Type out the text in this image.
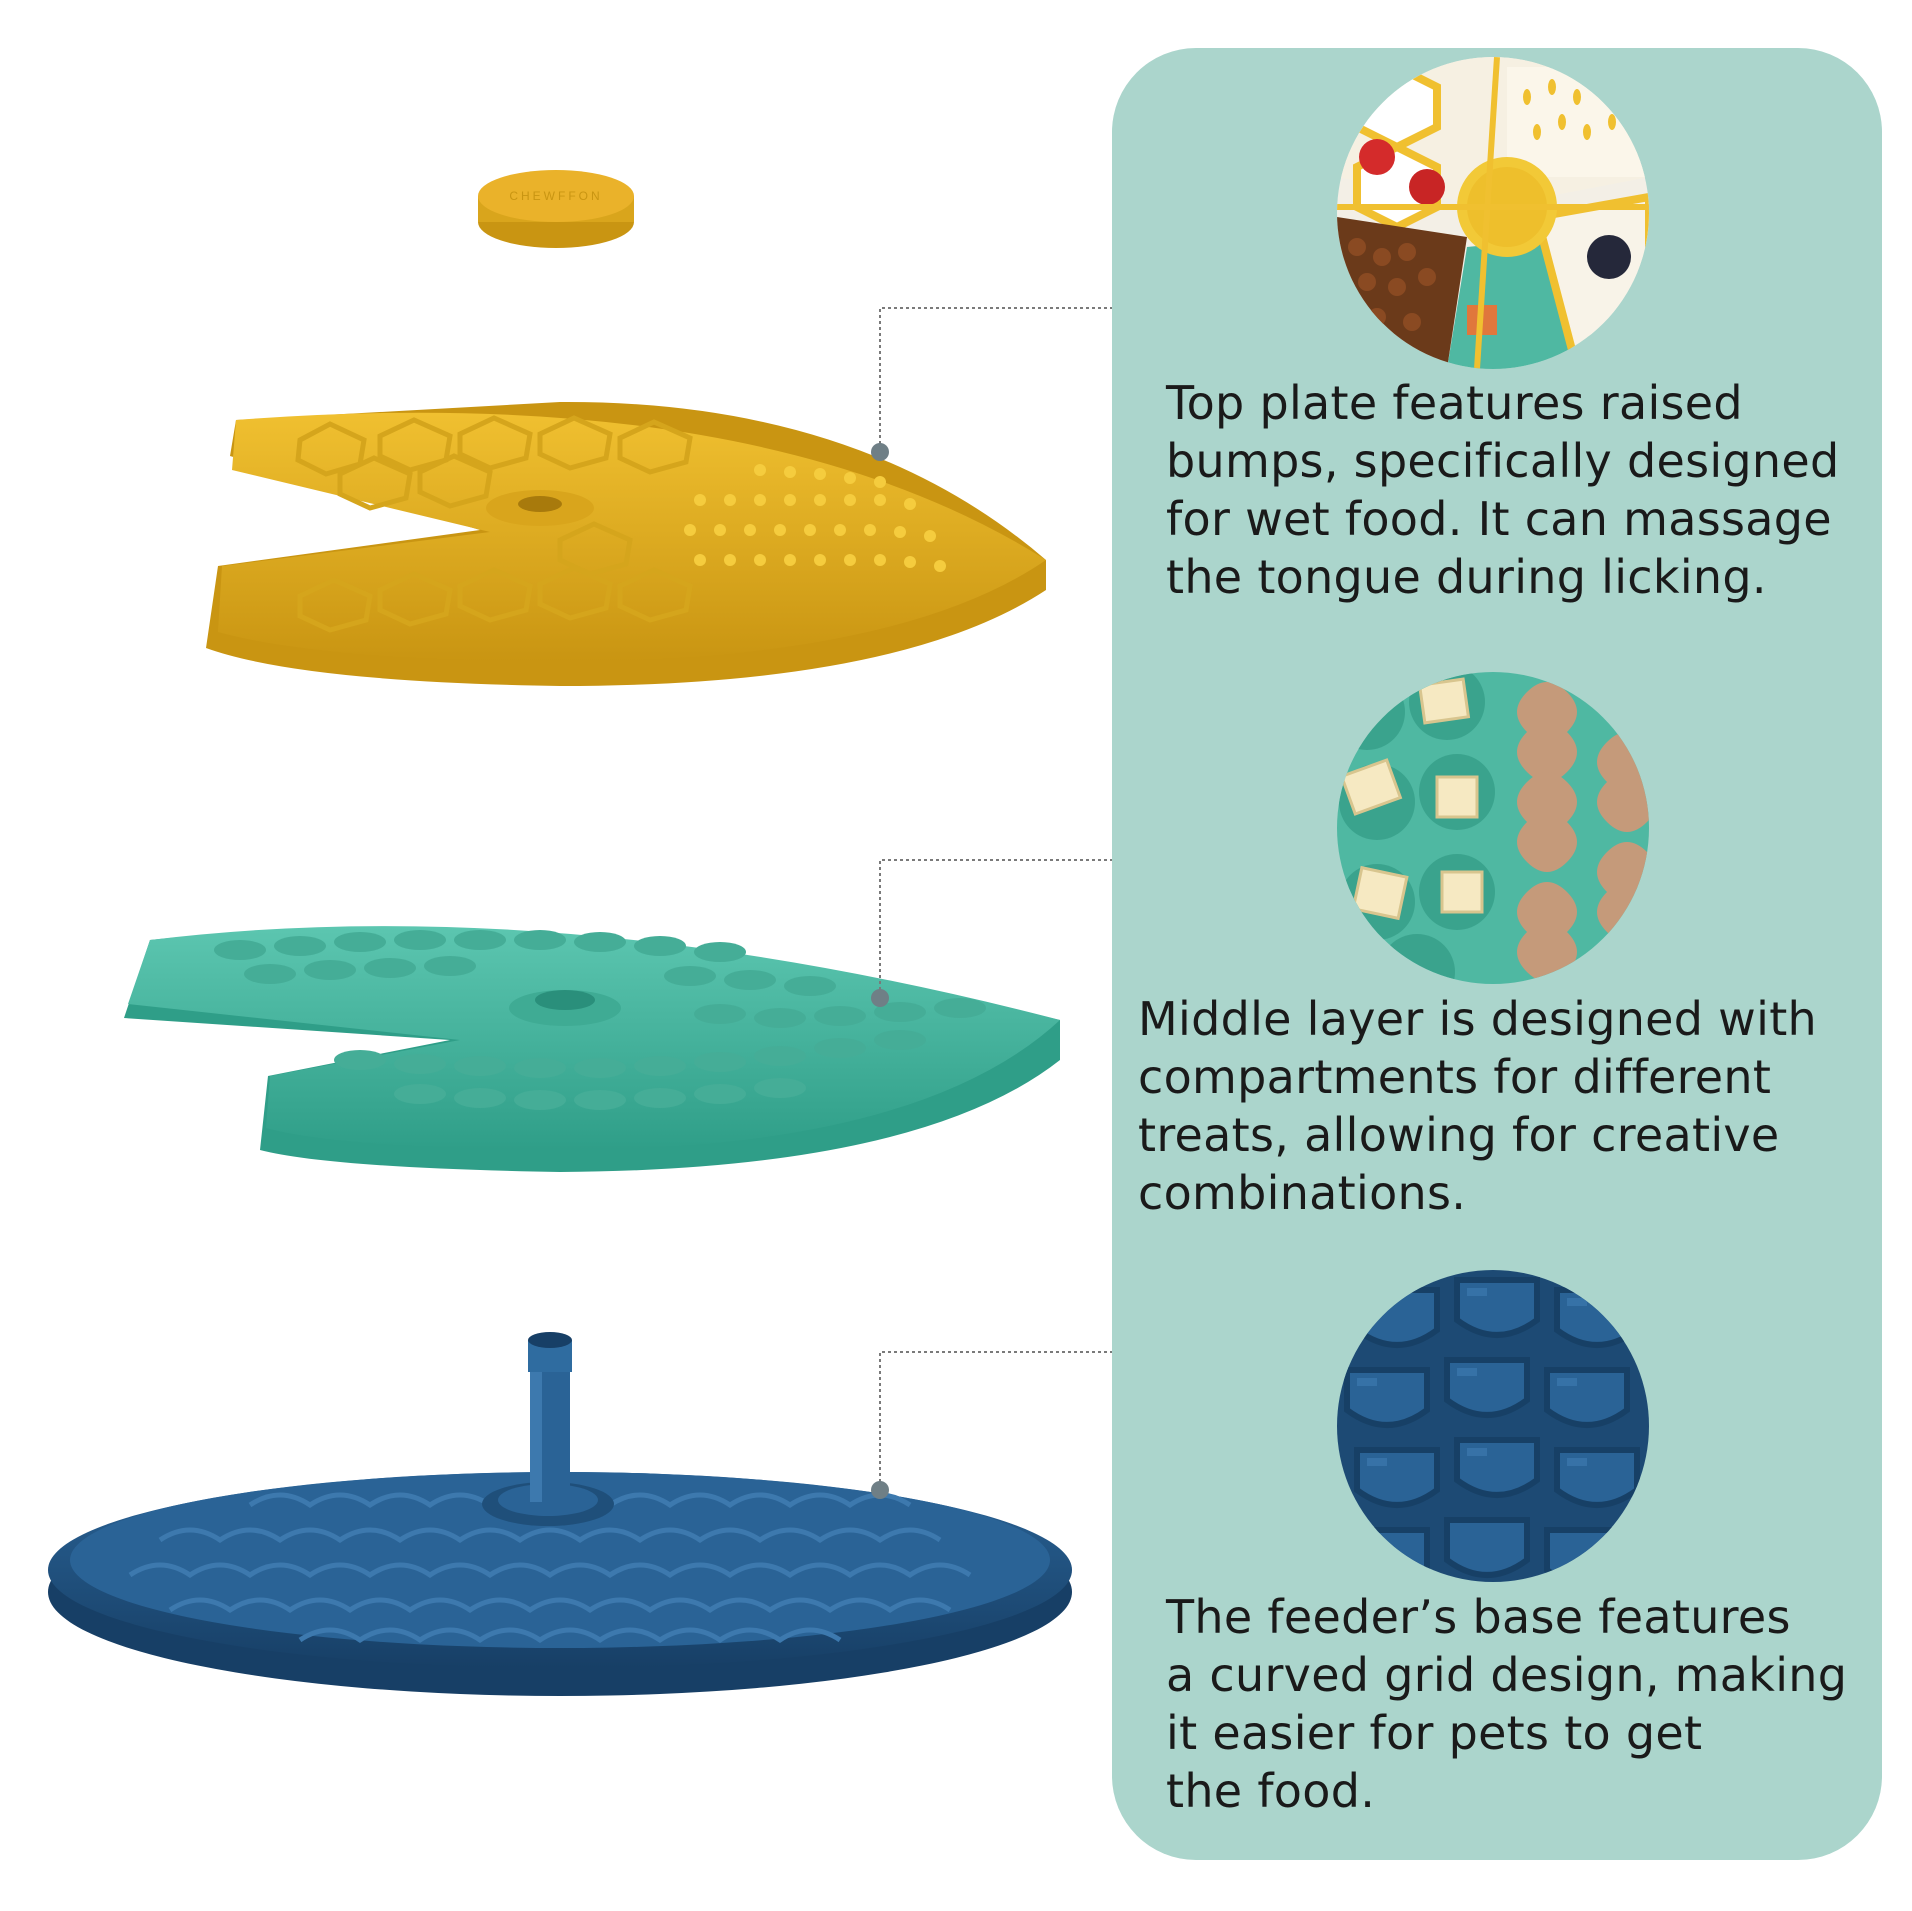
CHEWFFON
Top plate features raised
bumps, specifically designed
for wet food. It can massage
the tongue during licking.
Middle layer is designed with
compartments for different
treats, allowing for creative
combinations.
The feeder’s base features
a curved grid design, making
it easier for pets to get
the food.
